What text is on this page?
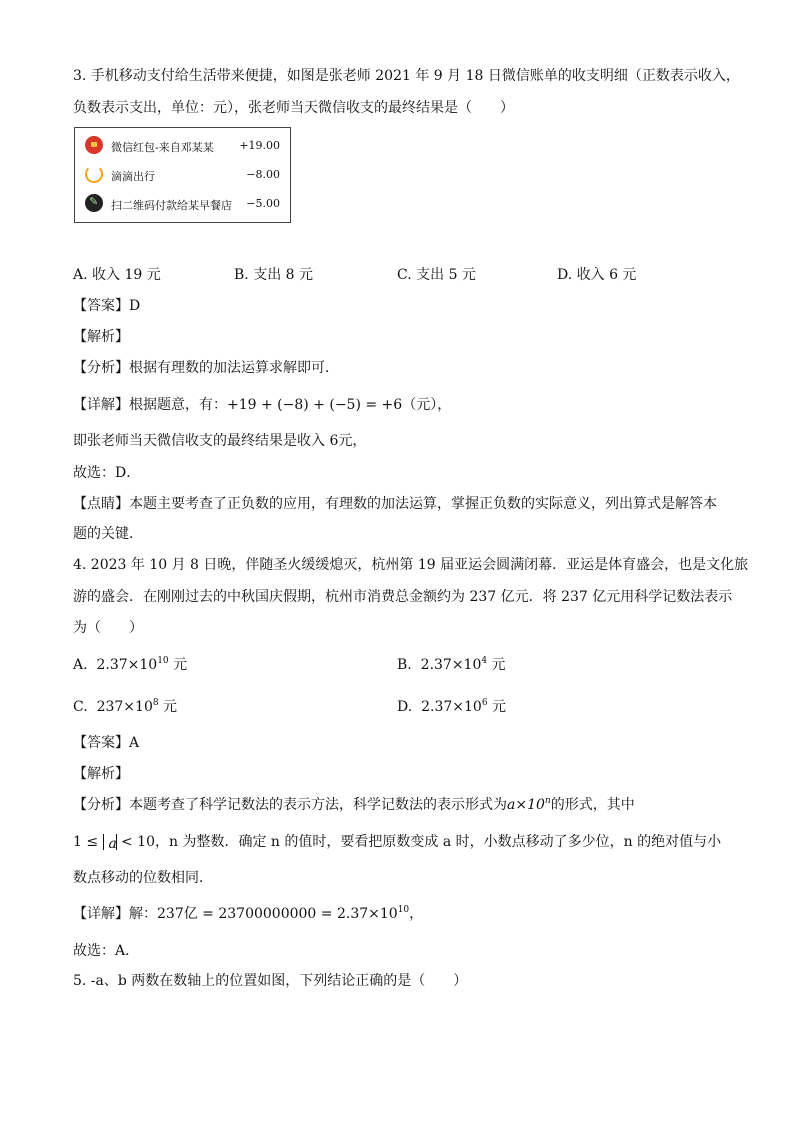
3. 手机移动支付给生活带来便捷，如图是张老师 2021 年 9 月 18 日微信账单的收支明细（正数表示收入，
负数表示支出，单位：元），张老师当天微信收支的最终结果是（　　）
微信红包-来自邓某某 +19.00
滴滴出行	−8.00
✎
扫二维码付款给某早餐店 −5.00
A. 收入 19 元	B. 支出 8 元	C. 支出 5 元	D. 收入 6 元
【答案】D
【解析】
【分析】根据有理数的加法运算求解即可．
【详解】根据题意，有：+19 + (−8) + (−5) = +6（元），
即张老师当天微信收支的最终结果是收入 6元，
故选：D．
【点睛】本题主要考查了正负数的应用，有理数的加法运算，掌握正负数的实际意义，列出算式是解答本
题的关键．
4. 2023 年 10 月 8 日晚，伴随圣火缓缓熄灭，杭州第 19 届亚运会圆满闭幕．亚运是体育盛会，也是文化旅
游的盛会．在刚刚过去的中秋国庆假期，杭州市消费总金额约为 237 亿元．将 237 亿元用科学记数法表示
为（　　）
A. $2.37\times 10^{10}$ 元	B. $2.37\times 10^4$ 元
C. $237\times 10^8$ 元	D. $2.37\times 10^6$ 元
【答案】A
【解析】
【分析】本题考查了科学记数法的表示方法，科学记数法的表示形式为$a\times 10^n$的形式，其中
1 ≤ a < 10，n 为整数．确定 n 的值时，要看把原数变成 a 时，小数点移动了多少位，n 的绝对值与小
数点移动的位数相同．
【详解】解：237亿 = $23700000000 = 2.37\times 10^{10}$，
故选：A．
5. -a、b 两数在数轴上的位置如图，下列结论正确的是（　　）
